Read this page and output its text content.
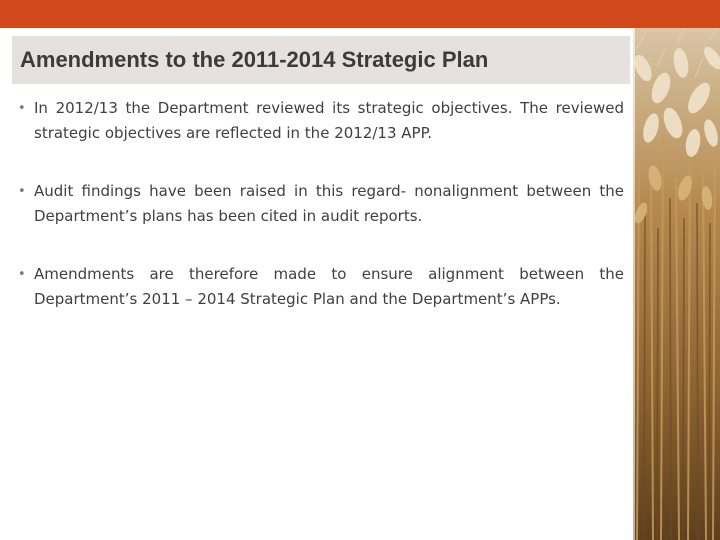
Amendments to the 2011-2014 Strategic Plan
• In 2012/13 the Department reviewed its strategic objectives. The reviewed strategic objectives are reflected in the 2012/13 APP.
• Audit findings have been raised in this regard- nonalignment between the Department’s plans has been cited in audit reports.
• Amendments are therefore made to ensure alignment between the Department’s 2011 – 2014 Strategic Plan and the Department’s APPs.
